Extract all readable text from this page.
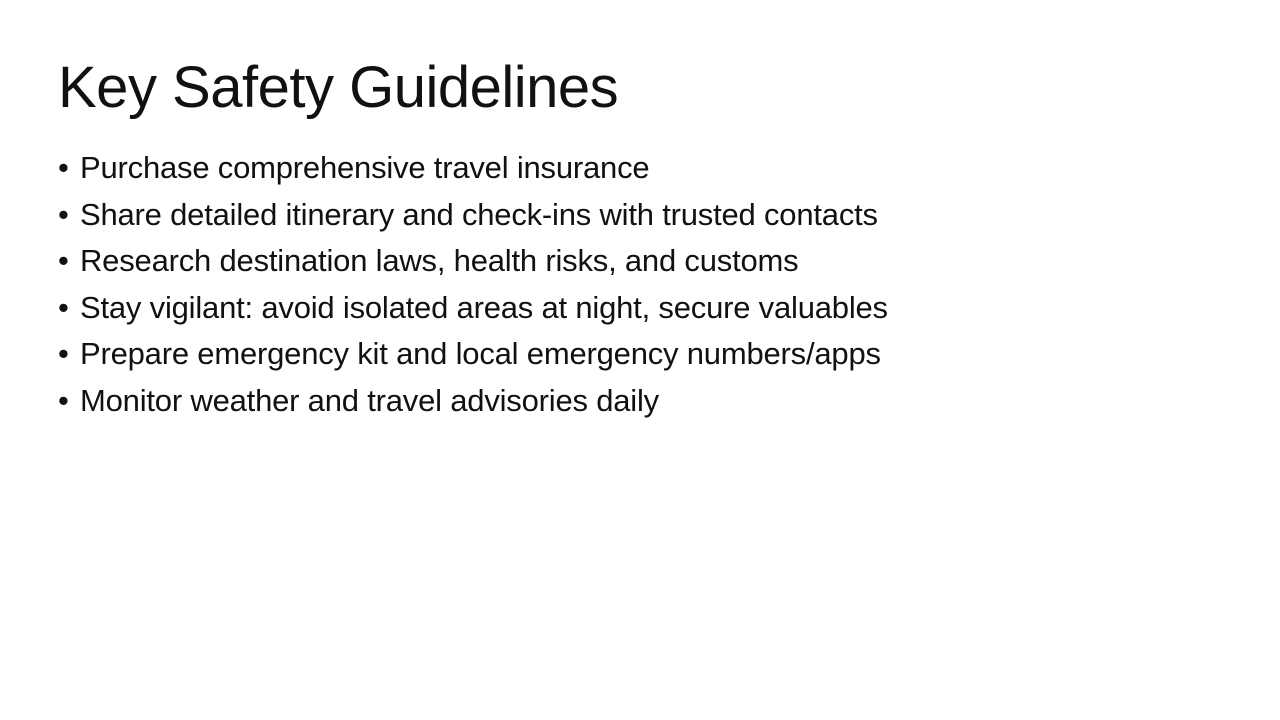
Key Safety Guidelines
• Purchase comprehensive travel insurance
• Share detailed itinerary and check-ins with trusted contacts
• Research destination laws, health risks, and customs
• Stay vigilant: avoid isolated areas at night, secure valuables
• Prepare emergency kit and local emergency numbers/apps
• Monitor weather and travel advisories daily
